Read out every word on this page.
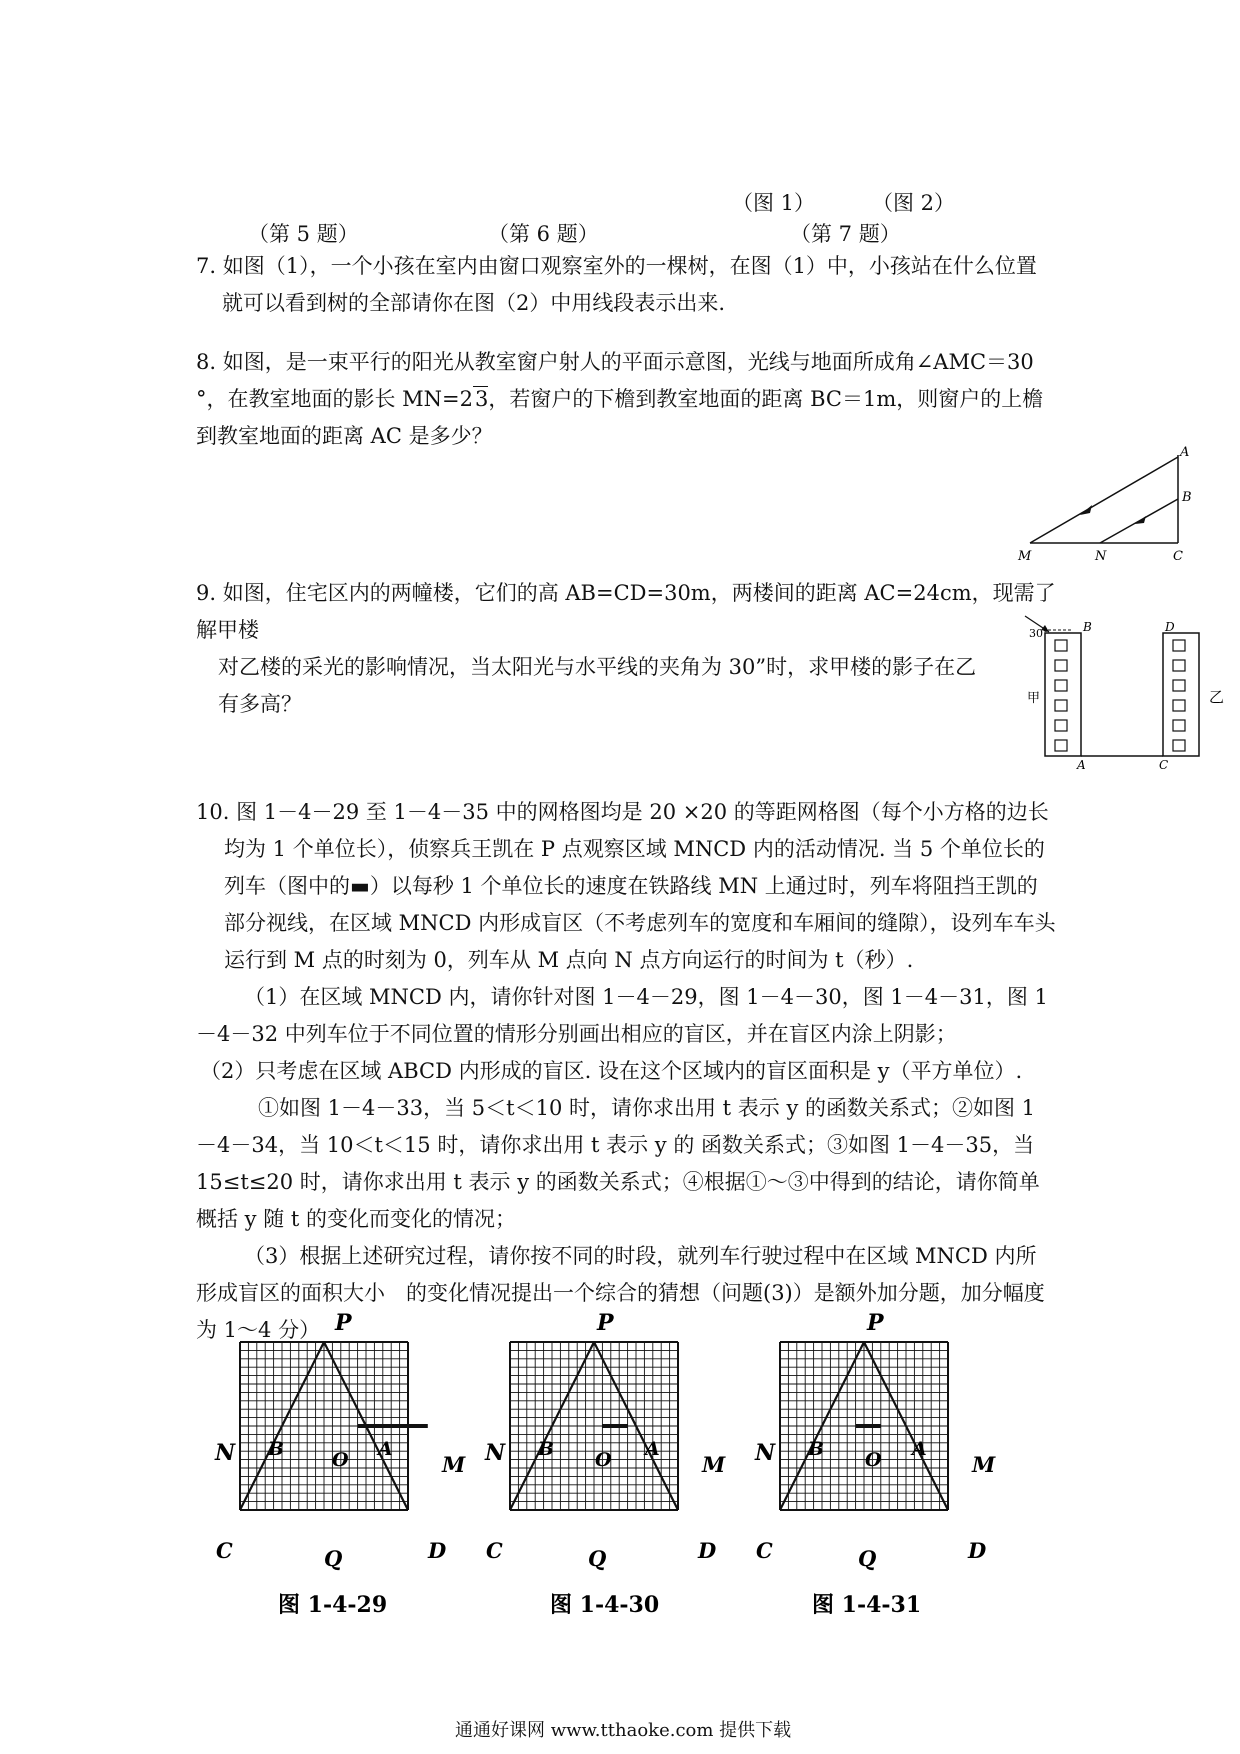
（图 1）	（图 2）
（第 5 题）	（第 6 题）	（第 7 题）

7. 如图（1），一个小孩在室内由窗口观察室外的一棵树，在图（1）中，小孩站在什么位置

就可以看到树的全部请你在图（2）中用线段表示出来.

8. 如图，是一束平行的阳光从教室窗户射人的平面示意图，光线与地面所成角∠AMC＝30

°，在教室地面的影长 MN=23，若窗户的下檐到教室地面的距离 BC＝1m，则窗户的上檐

到教室地面的距离 AC 是多少？

A
B
M	N	C

9. 如图，住宅区内的两幢楼，它们的高 AB=CD=30m，两楼间的距离 AC=24cm，现需了解甲楼

对乙楼的采光的影响情况，当太阳光与水平线的夹角为 30”时，求甲楼的影子在乙

有多高？

30°	B	D
A	C
甲	乙

10. 图 1－4－29 至 1－4－35 中的网格图均是 20 ×20 的等距网格图（每个小方格的边长均为 1 个单位长），侦察兵王凯在 P 点观察区域 MNCD 内的活动情况. 当 5 个单位长的列车（图中的▬）以每秒 1 个单位长的速度在铁路线 MN 上通过时，列车将阻挡王凯的部分视线，在区域 MNCD 内形成盲区（不考虑列车的宽度和车厢间的缝隙），设列车车头运行到 M 点的时刻为 0，列车从 M 点向 N 点方向运行的时间为 t（秒）.

（1）在区域 MNCD 内，请你针对图 1－4－29，图 1－4－30，图 1－4－31，图 1－4－32 中列车位于不同位置的情形分别画出相应的盲区，并在盲区内涂上阴影；

（2）只考虑在区域 ABCD 内形成的盲区. 设在这个区域内的盲区面积是 y（平方单位）.

①如图 1－4－33，当 5＜t＜10 时，请你求出用 t 表示 y 的函数关系式；②如图 1－4－34，当 10＜t＜15 时，请你求出用 t 表示 y 的 函数关系式；③如图 1－4－35，当 15≤t≤20 时，请你求出用 t 表示 y 的函数关系式；④根据①～③中得到的结论，请你简单概括 y 随 t 的变化而变化的情况；

（3）根据上述研究过程，请你按不同的时段，就列车行驶过程中在区域 MNCD 内所形成盲区的面积大小　的变化情况提出一个综合的猜想（问题(3)）是额外加分题，加分幅度为 1～4 分）

N
P
M
C	D
Q
B	O A
图 1-4-29
N
P
M
C	D
Q
B O A
图 1-4-30
N
P
M
C	D
Q
B O A
图 1-4-31
通通好课网 www.tthaoke.com 提供下载
